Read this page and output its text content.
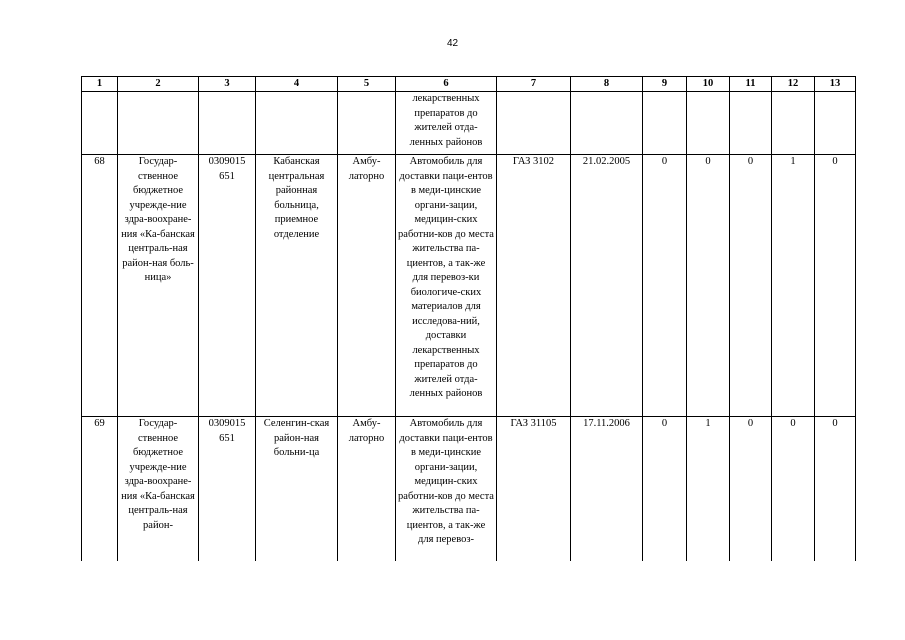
42
1	2	3	4	5	6	7	8	9	10	11	12	13
					лекарственных препаратов до жителей отда-ленных районов							
68	Государ-ственное бюджетное учрежде-ние здра-воохране-ния «Ка-банская централь-ная район-ная боль-ница»	0309015 651	Кабанская центральная районная больница, приемное отделение	Амбу-латорно	Автомобиль для доставки паци-ентов в меди-цинские органи-зации, медицин-ских работни-ков до места жительства па-циентов, а так-же для перевоз-ки биологиче-ских материалов для исследова-ний, доставки лекарственных препаратов до жителей отда-ленных районов	ГАЗ 3102	21.02.2005	0	0	0	1	0
69	Государ-ственное бюджетное учрежде-ние здра-воохране-ния «Ка-банская централь-ная район-	0309015 651	Селенгин-ская район-ная больни-ца	Амбу-латорно	Автомобиль для доставки паци-ентов в меди-цинские органи-зации, медицин-ских работни-ков до места жительства па-циентов, а так-же для перевоз-	ГАЗ 31105	17.11.2006	0	1	0	0	0
